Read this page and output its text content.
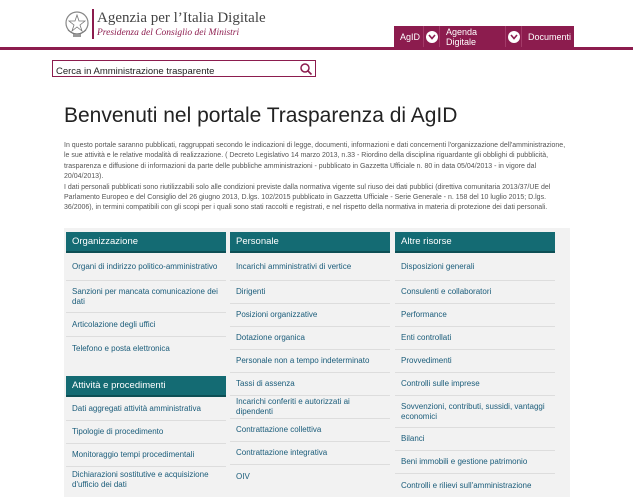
Agenzia per l’Italia Digitale
Presidenza del Consiglio dei Ministri	AgID	Agenda Digitale	Documenti
Cerca in Amministrazione trasparente
Benvenuti nel portale Trasparenza di AgID

In questo portale saranno pubblicati, raggruppati secondo le indicazioni di legge, documenti, informazioni e dati concernenti l'organizzazione dell'amministrazione, le sue attività e le relative modalità di realizzazione. ( Decreto Legislativo 14 marzo 2013, n.33 - Riordino della disciplina riguardante gli obblighi di pubblicità, trasparenza e diffusione di informazioni da parte delle pubbliche amministrazioni - pubblicato in Gazzetta Ufficiale n. 80 in data 05/04/2013 - in vigore dal 20/04/2013).

I dati personali pubblicati sono riutilizzabili solo alle condizioni previste dalla normativa vigente sul riuso dei dati pubblici (direttiva comunitaria 2013/37/UE del Parlamento Europeo e del Consiglio del 26 giugno 2013, D.lgs. 102/2015 pubblicato in Gazzetta Ufficiale - Serie Generale - n. 158 del 10 luglio 2015; D.lgs. 36/2006), in termini compatibili con gli scopi per i quali sono stati raccolti e registrati, e nel rispetto della normativa in materia di protezione dei dati personali.

Organizzazione
Organi di indirizzo politico-amministrativo
Sanzioni per mancata comunicazione dei dati
Articolazione degli uffici
Telefono e posta elettronica
Attività e procedimenti
Dati aggregati attività amministrativa
Tipologie di procedimento
Monitoraggio tempi procedimentali
Dichiarazioni sostitutive e acquisizione d'ufficio dei dati
Personale
Incarichi amministrativi di vertice
Dirigenti
Posizioni organizzative
Dotazione organica
Personale non a tempo indeterminato
Tassi di assenza
Incarichi conferiti e autorizzati ai dipendenti
Contrattazione collettiva
Contrattazione integrativa
OIV
Altre risorse
Disposizioni generali
Consulenti e collaboratori
Performance
Enti controllati
Provvedimenti
Controlli sulle imprese
Sovvenzioni, contributi, sussidi, vantaggi economici
Bilanci
Beni immobili e gestione patrimonio
Controlli e rilievi sull'amministrazione
